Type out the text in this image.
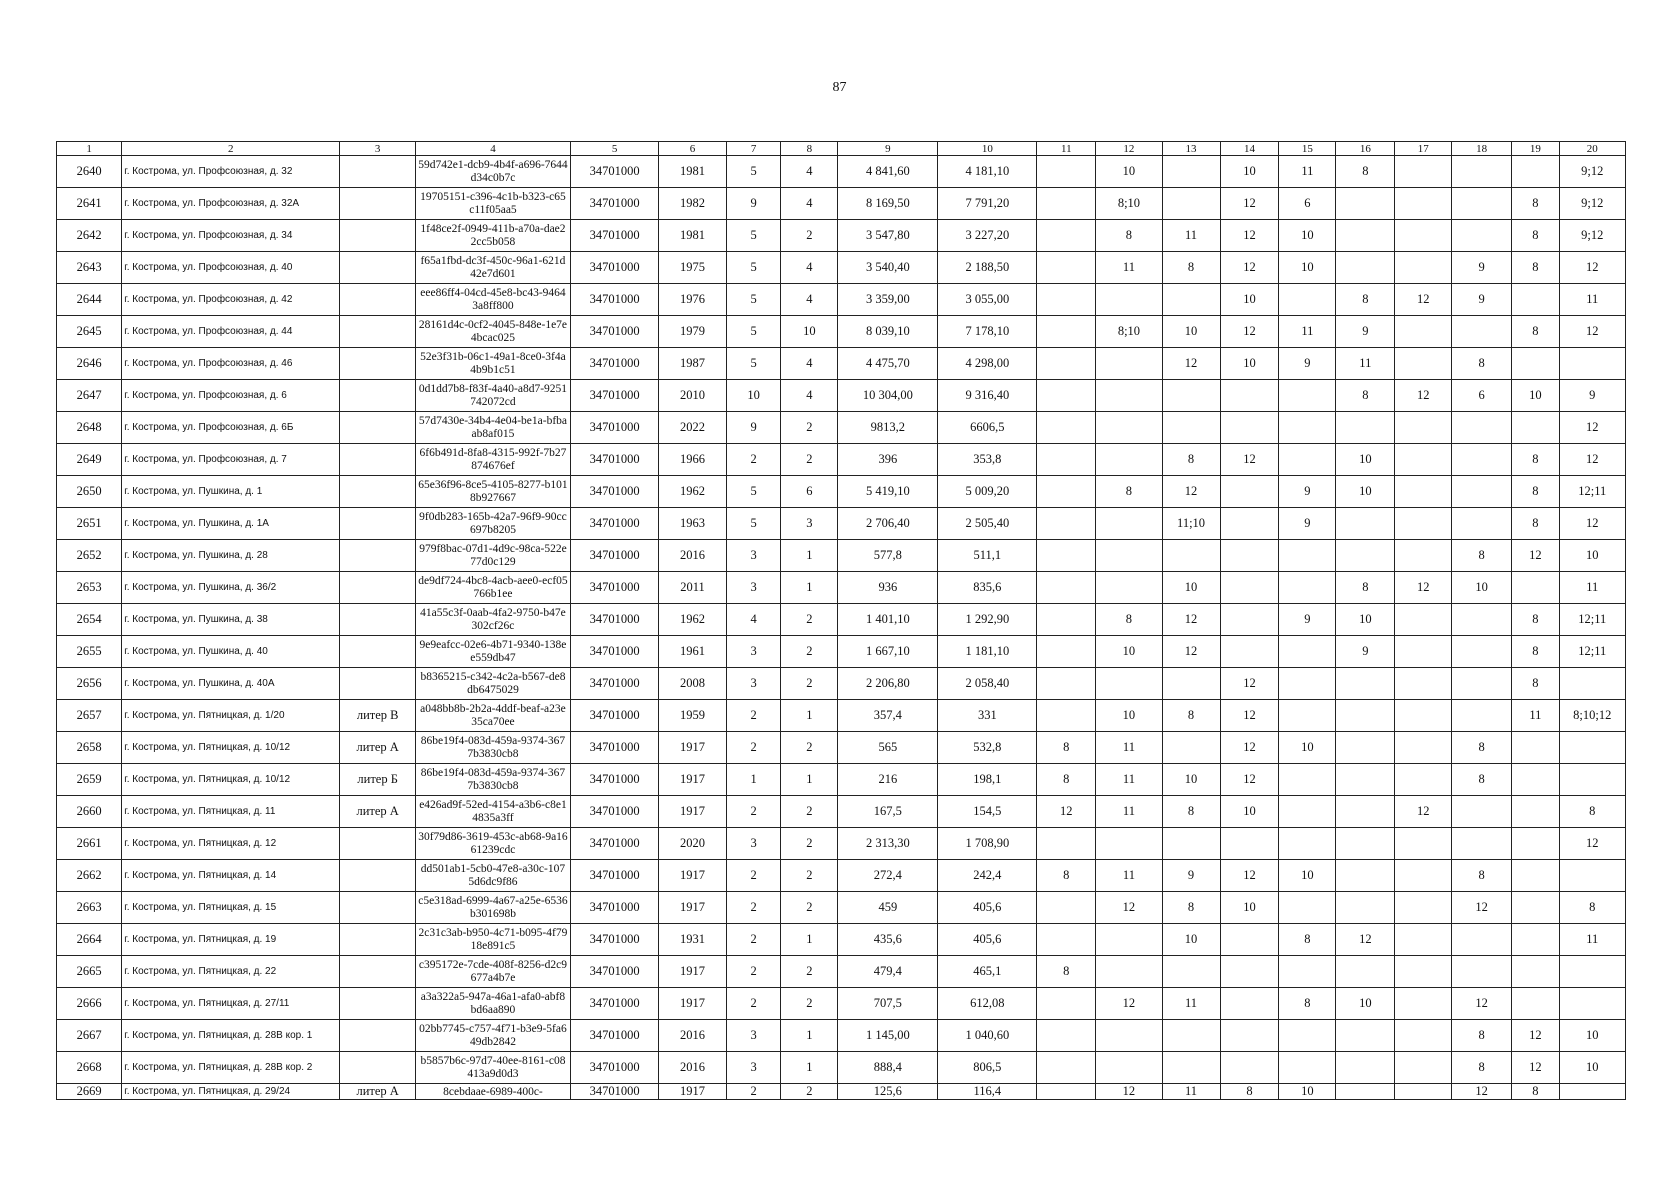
87
1	2	3	4	5	6	7	8	9	10	11	12	13	14	15	16	17	18	19	20
2640	г. Кострома, ул. Профсоюзная, д. 32		59d742e1-dcb9-4b4f-a696-7644d34c0b7c	34701000	1981	5	4	4 841,60	4 181,10		10		10	11	8				9;12
2641	г. Кострома, ул. Профсоюзная, д. 32А		19705151-c396-4c1b-b323-c65c11f05aa5	34701000	1982	9	4	8 169,50	7 791,20		8;10		12	6				8	9;12
2642	г. Кострома, ул. Профсоюзная, д. 34		1f48ce2f-0949-411b-a70a-dae22cc5b058	34701000	1981	5	2	3 547,80	3 227,20		8	11	12	10				8	9;12
2643	г. Кострома, ул. Профсоюзная, д. 40		f65a1fbd-dc3f-450c-96a1-621d42e7d601	34701000	1975	5	4	3 540,40	2 188,50		11	8	12	10			9	8	12
2644	г. Кострома, ул. Профсоюзная, д. 42		eee86ff4-04cd-45e8-bc43-94643a8ff800	34701000	1976	5	4	3 359,00	3 055,00				10		8	12	9		11
2645	г. Кострома, ул. Профсоюзная, д. 44		28161d4c-0cf2-4045-848e-1e7e4bcac025	34701000	1979	5	10	8 039,10	7 178,10		8;10	10	12	11	9			8	12
2646	г. Кострома, ул. Профсоюзная, д. 46		52e3f31b-06c1-49a1-8ce0-3f4a4b9b1c51	34701000	1987	5	4	4 475,70	4 298,00			12	10	9	11		8		
2647	г. Кострома, ул. Профсоюзная, д. 6		0d1dd7b8-f83f-4a40-a8d7-9251742072cd	34701000	2010	10	4	10 304,00	9 316,40						8	12	6	10	9
2648	г. Кострома, ул. Профсоюзная, д. 6Б		57d7430e-34b4-4e04-be1a-bfbaab8af015	34701000	2022	9	2	9813,2	6606,5										12
2649	г. Кострома, ул. Профсоюзная, д. 7		6f6b491d-8fa8-4315-992f-7b27874676ef	34701000	1966	2	2	396	353,8			8	12		10			8	12
2650	г. Кострома, ул. Пушкина, д. 1		65e36f96-8ce5-4105-8277-b1018b927667	34701000	1962	5	6	5 419,10	5 009,20		8	12		9	10			8	12;11
2651	г. Кострома, ул. Пушкина, д. 1А		9f0db283-165b-42a7-96f9-90cc697b8205	34701000	1963	5	3	2 706,40	2 505,40			11;10		9				8	12
2652	г. Кострома, ул. Пушкина, д. 28		979f8bac-07d1-4d9c-98ca-522e77d0c129	34701000	2016	3	1	577,8	511,1								8	12	10
2653	г. Кострома, ул. Пушкина, д. 36/2		de9df724-4bc8-4acb-aee0-ecf05766b1ee	34701000	2011	3	1	936	835,6			10			8	12	10		11
2654	г. Кострома, ул. Пушкина, д. 38		41a55c3f-0aab-4fa2-9750-b47e302cf26c	34701000	1962	4	2	1 401,10	1 292,90		8	12		9	10			8	12;11
2655	г. Кострома, ул. Пушкина, д. 40		9e9eafcc-02e6-4b71-9340-138ee559db47	34701000	1961	3	2	1 667,10	1 181,10		10	12			9			8	12;11
2656	г. Кострома, ул. Пушкина, д. 40А		b8365215-c342-4c2a-b567-de8db6475029	34701000	2008	3	2	2 206,80	2 058,40				12					8	
2657	г. Кострома, ул. Пятницкая, д. 1/20	литер В	a048bb8b-2b2a-4ddf-beaf-a23e35ca70ee	34701000	1959	2	1	357,4	331		10	8	12					11	8;10;12
2658	г. Кострома, ул. Пятницкая, д. 10/12	литер А	86be19f4-083d-459a-9374-3677b3830cb8	34701000	1917	2	2	565	532,8	8	11		12	10			8		
2659	г. Кострома, ул. Пятницкая, д. 10/12	литер Б	86be19f4-083d-459a-9374-3677b3830cb8	34701000	1917	1	1	216	198,1	8	11	10	12				8		
2660	г. Кострома, ул. Пятницкая, д. 11	литер А	e426ad9f-52ed-4154-a3b6-c8e14835a3ff	34701000	1917	2	2	167,5	154,5	12	11	8	10			12			8
2661	г. Кострома, ул. Пятницкая, д. 12		30f79d86-3619-453c-ab68-9a1661239cdc	34701000	2020	3	2	2 313,30	1 708,90										12
2662	г. Кострома, ул. Пятницкая, д. 14		dd501ab1-5cb0-47e8-a30c-1075d6dc9f86	34701000	1917	2	2	272,4	242,4	8	11	9	12	10			8		
2663	г. Кострома, ул. Пятницкая, д. 15		c5e318ad-6999-4a67-a25e-6536b301698b	34701000	1917	2	2	459	405,6		12	8	10				12		8
2664	г. Кострома, ул. Пятницкая, д. 19		2c31c3ab-b950-4c71-b095-4f7918e891c5	34701000	1931	2	1	435,6	405,6			10		8	12				11
2665	г. Кострома, ул. Пятницкая, д. 22		c395172e-7cde-408f-8256-d2c9677a4b7e	34701000	1917	2	2	479,4	465,1	8									
2666	г. Кострома, ул. Пятницкая, д. 27/11		a3a322a5-947a-46a1-afa0-abf8bd6aa890	34701000	1917	2	2	707,5	612,08		12	11		8	10		12		
2667	г. Кострома, ул. Пятницкая, д. 28В кор. 1		02bb7745-c757-4f71-b3e9-5fa649db2842	34701000	2016	3	1	1 145,00	1 040,60								8	12	10
2668	г. Кострома, ул. Пятницкая, д. 28В кор. 2		b5857b6c-97d7-40ee-8161-c08413a9d0d3	34701000	2016	3	1	888,4	806,5								8	12	10
2669	г. Кострома, ул. Пятницкая, д. 29/24	литер А	8cebdaae-6989-400c-	34701000	1917	2	2	125,6	116,4		12	11	8	10			12	8	
